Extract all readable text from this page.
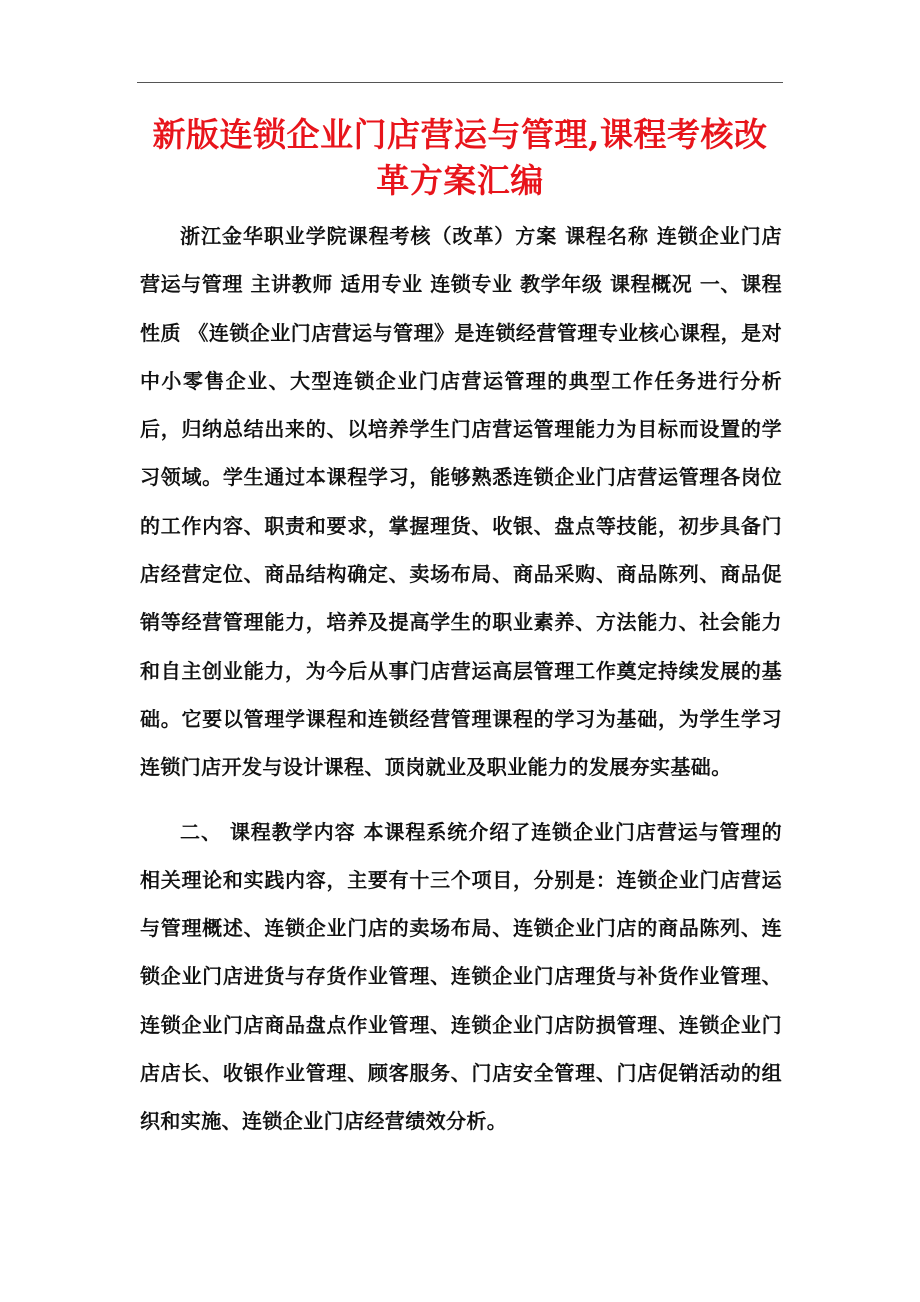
新版连锁企业门店营运与管理,课程考核改革方案汇编

浙江金华职业学院课程考核（改革）方案 课程名称 连锁企业门店营运与管理 主讲教师 适用专业 连锁专业 教学年级 课程概况 一、课程性质 《连锁企业门店营运与管理》是连锁经营管理专业核心课程，是对中小零售企业、大型连锁企业门店营运管理的典型工作任务进行分析后，归纳总结出来的、以培养学生门店营运管理能力为目标而设置的学习领域。学生通过本课程学习，能够熟悉连锁企业门店营运管理各岗位的工作内容、职责和要求，掌握理货、收银、盘点等技能，初步具备门店经营定位、商品结构确定、卖场布局、商品采购、商品陈列、商品促销等经营管理能力，培养及提高学生的职业素养、方法能力、社会能力和自主创业能力，为今后从事门店营运高层管理工作奠定持续发展的基础。它要以管理学课程和连锁经营管理课程的学习为基础，为学生学习连锁门店开发与设计课程、顶岗就业及职业能力的发展夯实基础。

二、 课程教学内容 本课程系统介绍了连锁企业门店营运与管理的相关理论和实践内容，主要有十三个项目，分别是：连锁企业门店营运与管理概述、连锁企业门店的卖场布局、连锁企业门店的商品陈列、连锁企业门店进货与存货作业管理、连锁企业门店理货与补货作业管理、连锁企业门店商品盘点作业管理、连锁企业门店防损管理、连锁企业门店店长、收银作业管理、顾客服务、门店安全管理、门店促销活动的组织和实施、连锁企业门店经营绩效分析。
